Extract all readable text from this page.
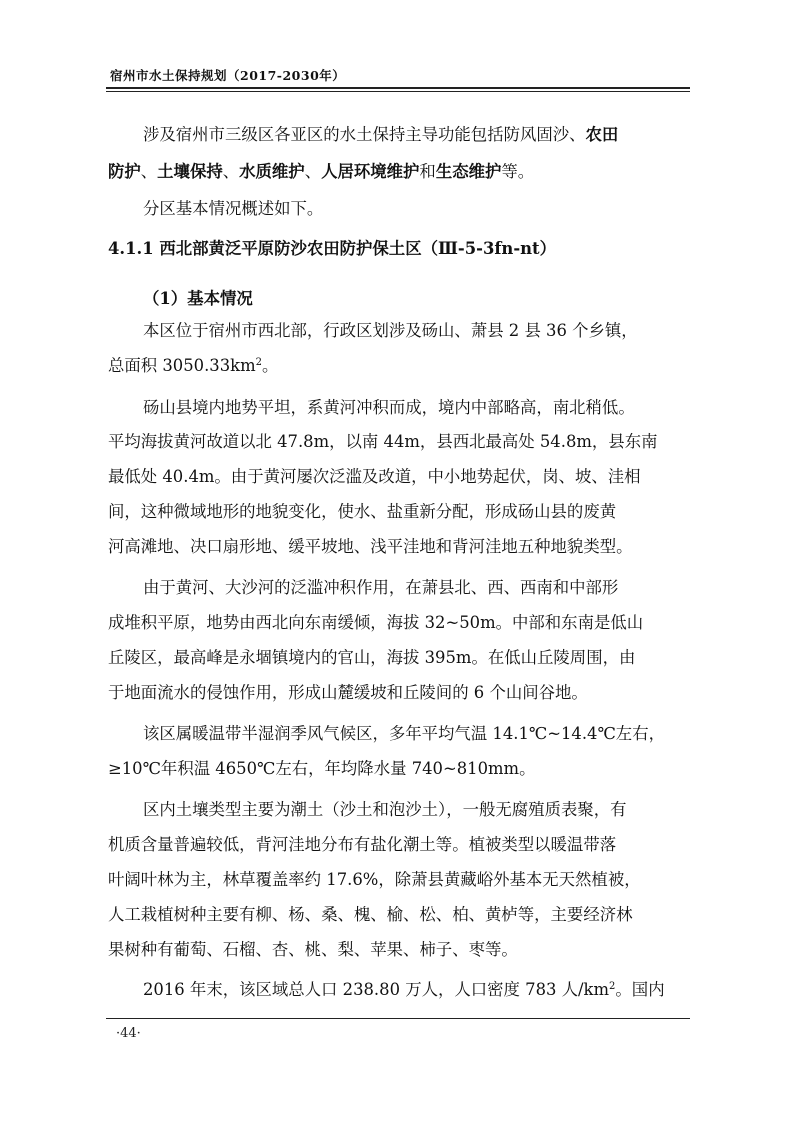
宿州市水土保持规划（2017-2030年）
涉及宿州市三级区各亚区的水土保持主导功能包括防风固沙、农田
防护、土壤保持、水质维护、人居环境维护和生态维护等。
分区基本情况概述如下。
4.1.1 西北部黄泛平原防沙农田防护保土区（Ⅲ-5-3fn-nt）
（1）基本情况
本区位于宿州市西北部，行政区划涉及砀山、萧县 2 县 36 个乡镇，
总面积 $3050.33km^2$。
砀山县境内地势平坦，系黄河冲积而成，境内中部略高，南北稍低。
平均海拔黄河故道以北 47.8m，以南 44m，县西北最高处 54.8m，县东南
最低处 40.4m。由于黄河屡次泛滥及改道，中小地势起伏，岗、坡、洼相
间，这种微域地形的地貌变化，使水、盐重新分配，形成砀山县的废黄
河高滩地、决口扇形地、缓平坡地、浅平洼地和背河洼地五种地貌类型。
由于黄河、大沙河的泛滥冲积作用，在萧县北、西、西南和中部形
成堆积平原，地势由西北向东南缓倾，海拔 32~50m。中部和东南是低山
丘陵区，最高峰是永堌镇境内的官山，海拔 395m。在低山丘陵周围，由
于地面流水的侵蚀作用，形成山麓缓坡和丘陵间的 6 个山间谷地。
该区属暖温带半湿润季风气候区，多年平均气温 14.1℃~14.4℃左右，
≥10℃年积温 4650℃左右，年均降水量 740~810mm。
区内土壤类型主要为潮土（沙土和泡沙土），一般无腐殖质表聚，有
机质含量普遍较低，背河洼地分布有盐化潮土等。植被类型以暖温带落
叶阔叶林为主，林草覆盖率约 17.6%，除萧县黄藏峪外基本无天然植被，
人工栽植树种主要有柳、杨、桑、槐、榆、松、柏、黄栌等，主要经济林
果树种有葡萄、石榴、杏、桃、梨、苹果、柿子、枣等。
2016 年末，该区域总人口 238.80 万人，人口密度 783 人$/km^2$。国内
·44·
